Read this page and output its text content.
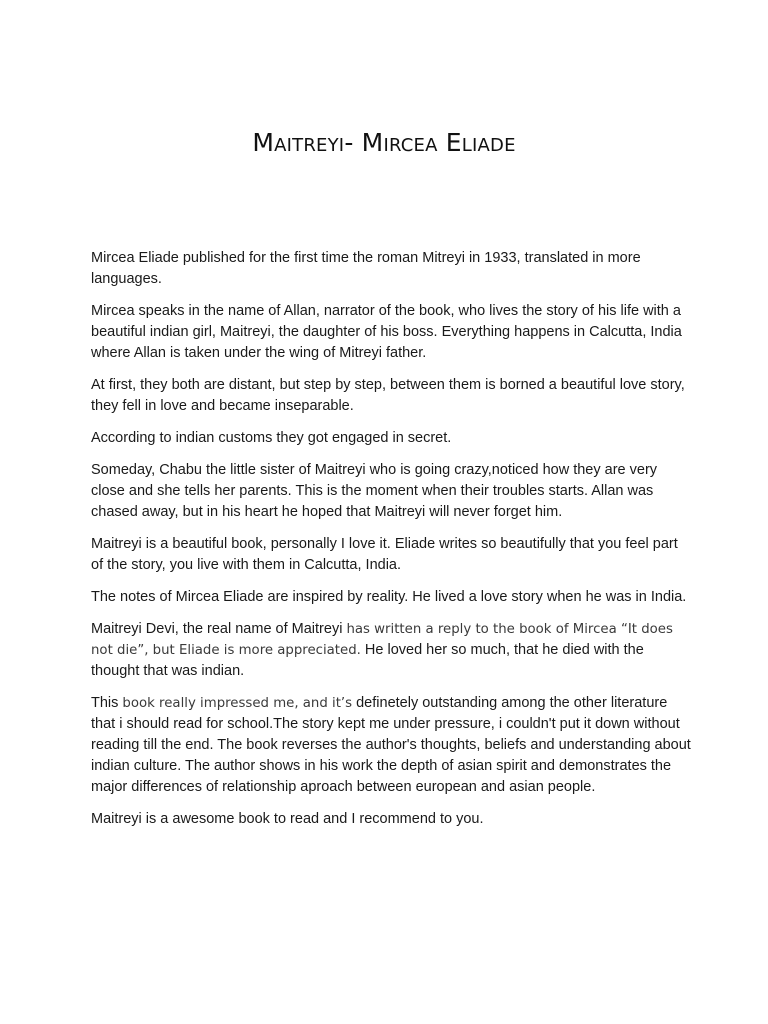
Maitreyi- Mircea Eliade

Mircea Eliade published for the first time the roman Mitreyi in 1933, translated in more languages.

Mircea speaks in the name of Allan, narrator of the book, who lives the story of his life with a beautiful indian girl, Maitreyi, the daughter of his boss. Everything happens in Calcutta, India where Allan is taken under the wing of Mitreyi father.

At first, they both are distant, but step by step, between them is borned a beautiful love story, they fell in love and became inseparable.

According to indian customs they got engaged in secret.

Someday, Chabu the little sister of Maitreyi who is going crazy,noticed how they are very close and she tells her parents. This is the moment when their troubles starts. Allan was chased away, but in his heart he hoped that Maitreyi will never forget him.

Maitreyi is a beautiful book, personally I love it. Eliade writes so beautifully that you feel part of the story, you live with them in Calcutta, India.

The notes of Mircea Eliade are inspired by reality. He lived a love story when he was in India.

Maitreyi Devi, the real name of Maitreyi has written a reply to the book of Mircea “It does not die”, but Eliade is more appreciated. He loved her so much, that he died with the thought that was indian.

This book really impressed me, and it’s definetely outstanding among the other literature that i should read for school.The story kept me under pressure, i couldn't put it down without reading till the end. The book reverses the author's thoughts, beliefs and understanding about indian culture. The author shows in his work the depth of asian spirit and demonstrates the major differences of relationship aproach between european and asian people.

Maitreyi is a awesome book to read and I recommend to you.
